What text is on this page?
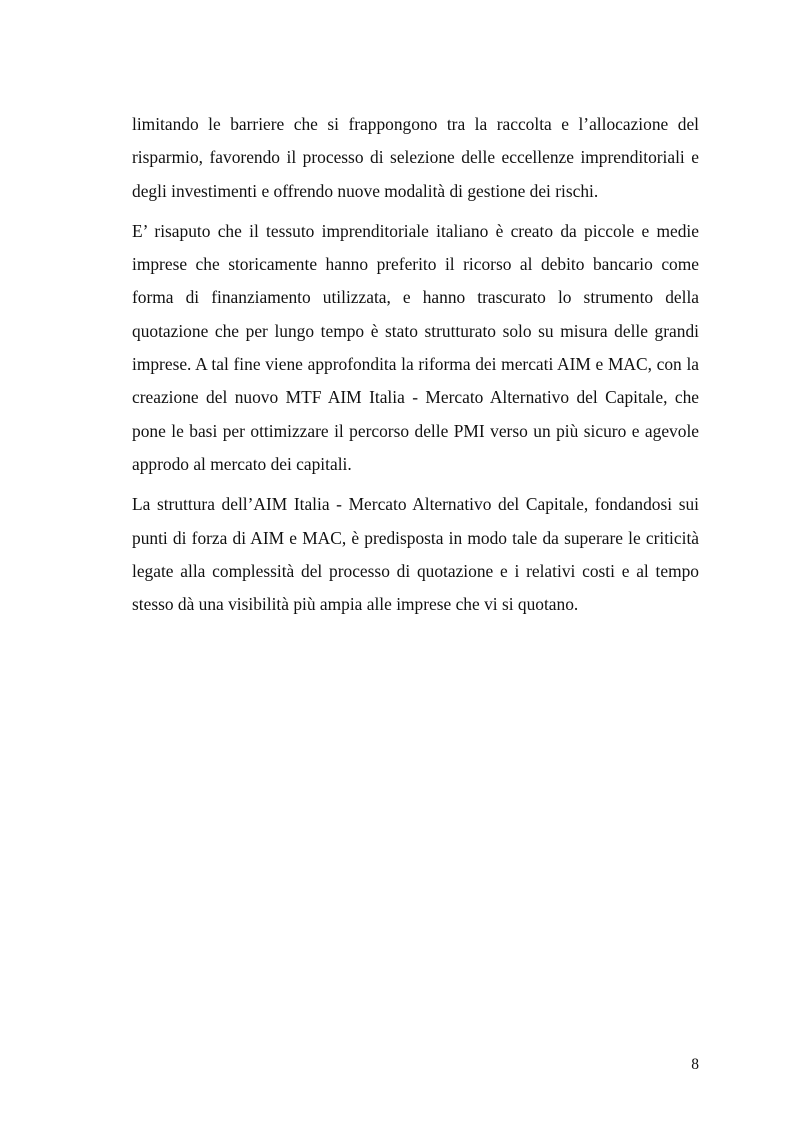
limitando le barriere che si frappongono tra la raccolta e l’allocazione del risparmio, favorendo il processo di selezione delle eccellenze imprenditoriali e degli investimenti e offrendo nuove modalità di gestione dei rischi.

E’ risaputo che il tessuto imprenditoriale italiano è creato da piccole e medie imprese che storicamente hanno preferito il ricorso al debito bancario come forma di finanziamento utilizzata, e hanno trascurato lo strumento della quotazione che per lungo tempo è stato strutturato solo su misura delle grandi imprese. A tal fine viene approfondita la riforma dei mercati AIM e MAC, con la creazione del nuovo MTF AIM Italia - Mercato Alternativo del Capitale, che pone le basi per ottimizzare il percorso delle PMI verso un più sicuro e agevole approdo al mercato dei capitali.

La struttura dell’AIM Italia - Mercato Alternativo del Capitale, fondandosi sui punti di forza di AIM e MAC, è predisposta in modo tale da superare le criticità legate alla complessità del processo di quotazione e i relativi costi e al tempo stesso dà una visibilità più ampia alle imprese che vi si quotano.

8
